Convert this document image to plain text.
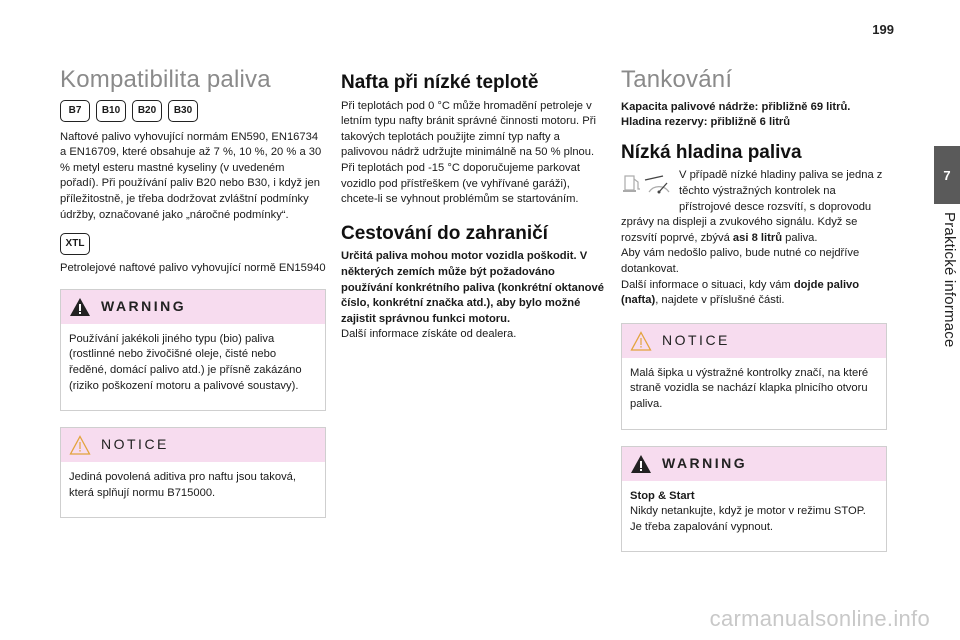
199
7
Praktické informace
Kompatibilita paliva
B7	B10	B20	B30

Naftové palivo vyhovující normám EN590, EN16734 a EN16709, které obsahuje až 7 %, 10 %, 20 % a 30 % metyl esteru mastné kyseliny (v uvedeném pořadí). Při používání paliv B20 nebo B30, i když jen příležitostně, je třeba dodržovat zvláštní podmínky údržby, označované jako „náročné podmínky“.

XTL

Petrolejové naftové palivo vyhovující normě EN15940

WARNING

Používání jakékoli jiného typu (bio) paliva (rostlinné nebo živočišné oleje, čisté nebo ředěné, domácí palivo atd.) je přísně zakázáno (riziko poškození motoru a palivové soustavy).

NOTICE

Jediná povolená aditiva pro naftu jsou taková, která splňují normu B715000.

Nafta při nízké teplotě

Při teplotách pod 0 °C může hromadění petroleje v letním typu nafty bránit správné činnosti motoru. Při takových teplotách použijte zimní typ nafty a palivovou nádrž udržujte minimálně na 50 % plnou.

Při teplotách pod -15 °C doporučujeme parkovat vozidlo pod přístřeškem (ve vyhřívané garáži), chcete-li se vyhnout problémům se startováním.

Cestování do zahraničí

Určitá paliva mohou motor vozidla poškodit. V některých zemích může být požadováno používání konkrétního paliva (konkrétní oktanové číslo, konkrétní značka atd.), aby bylo možné zajistit správnou funkci motoru.

Další informace získáte od dealera.

Tankování

Kapacita palivové nádrže: přibližně 69 litrů.
Hladina rezervy: přibližně 6 litrů

Nízká hladina paliva

V případě nízké hladiny paliva se jedna z těchto výstražných kontrolek na přístrojové desce rozsvítí, s doprovodu zprávy na displeji a zvukového signálu. Když se rozsvítí poprvé, zbývá asi 8 litrů paliva.

Aby vám nedošlo palivo, bude nutné co nejdříve dotankovat.

Další informace o situaci, kdy vám dojde palivo (nafta), najdete v příslušné části.

NOTICE

Malá šipka u výstražné kontrolky značí, na které straně vozidla se nachází klapka plnicího otvoru paliva.

WARNING

Stop & Start
Nikdy netankujte, když je motor v režimu STOP. Je třeba zapalování vypnout.

carmanualsonline.info
